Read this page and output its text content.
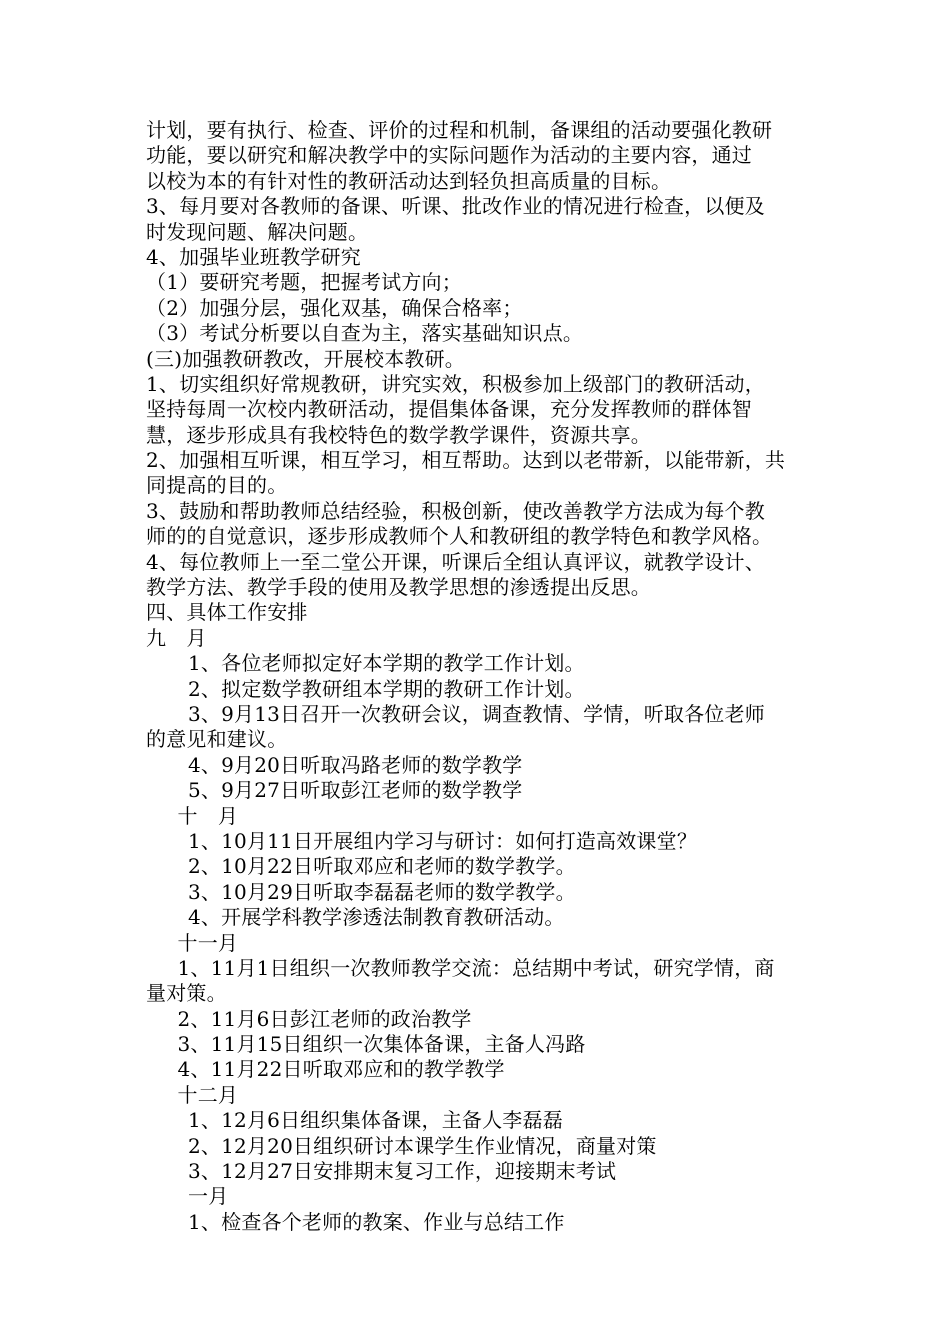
计划，要有执行、检查、评价的过程和机制，备课组的活动要强化教研
功能，要以研究和解决教学中的实际问题作为活动的主要内容，通过
以校为本的有针对性的教研活动达到轻负担高质量的目标。
3、每月要对各教师的备课、听课、批改作业的情况进行检查，以便及
时发现问题、解决问题。
4、加强毕业班教学研究
（1）要研究考题，把握考试方向；
（2）加强分层，强化双基，确保合格率；
（3）考试分析要以自查为主，落实基础知识点。
(三)加强教研教改，开展校本教研。
1、切实组织好常规教研，讲究实效，积极参加上级部门的教研活动，
坚持每周一次校内教研活动，提倡集体备课，充分发挥教师的群体智
慧，逐步形成具有我校特色的数学教学课件，资源共享。
2、加强相互听课，相互学习，相互帮助。达到以老带新，以能带新，共
同提高的目的。
3、鼓励和帮助教师总结经验，积极创新，使改善教学方法成为每个教
师的的自觉意识，逐步形成教师个人和教研组的教学特色和教学风格。
4、每位教师上一至二堂公开课，听课后全组认真评议，就教学设计、
教学方法、教学手段的使用及教学思想的渗透提出反思。
四、具体工作安排
九　月
1、各位老师拟定好本学期的教学工作计划。
2、拟定数学教研组本学期的教研工作计划。
3、9月13日召开一次教研会议，调查教情、学情，听取各位老师
的意见和建议。
4、9月20日听取冯路老师的数学教学
5、9月27日听取彭江老师的数学教学
十　月
1、10月11日开展组内学习与研讨：如何打造高效课堂？
2、10月22日听取邓应和老师的数学教学。
3、10月29日听取李磊磊老师的数学教学。
4、开展学科教学渗透法制教育教研活动。
十一月
1、11月1日组织一次教师教学交流：总结期中考试，研究学情，商
量对策。
2、11月6日彭江老师的政治教学
3、11月15日组织一次集体备课，主备人冯路
4、11月22日听取邓应和的教学教学
十二月
1、12月6日组织集体备课，主备人李磊磊
2、12月20日组织研讨本课学生作业情况，商量对策
3、12月27日安排期末复习工作，迎接期末考试
一月
1、检查各个老师的教案、作业与总结工作
